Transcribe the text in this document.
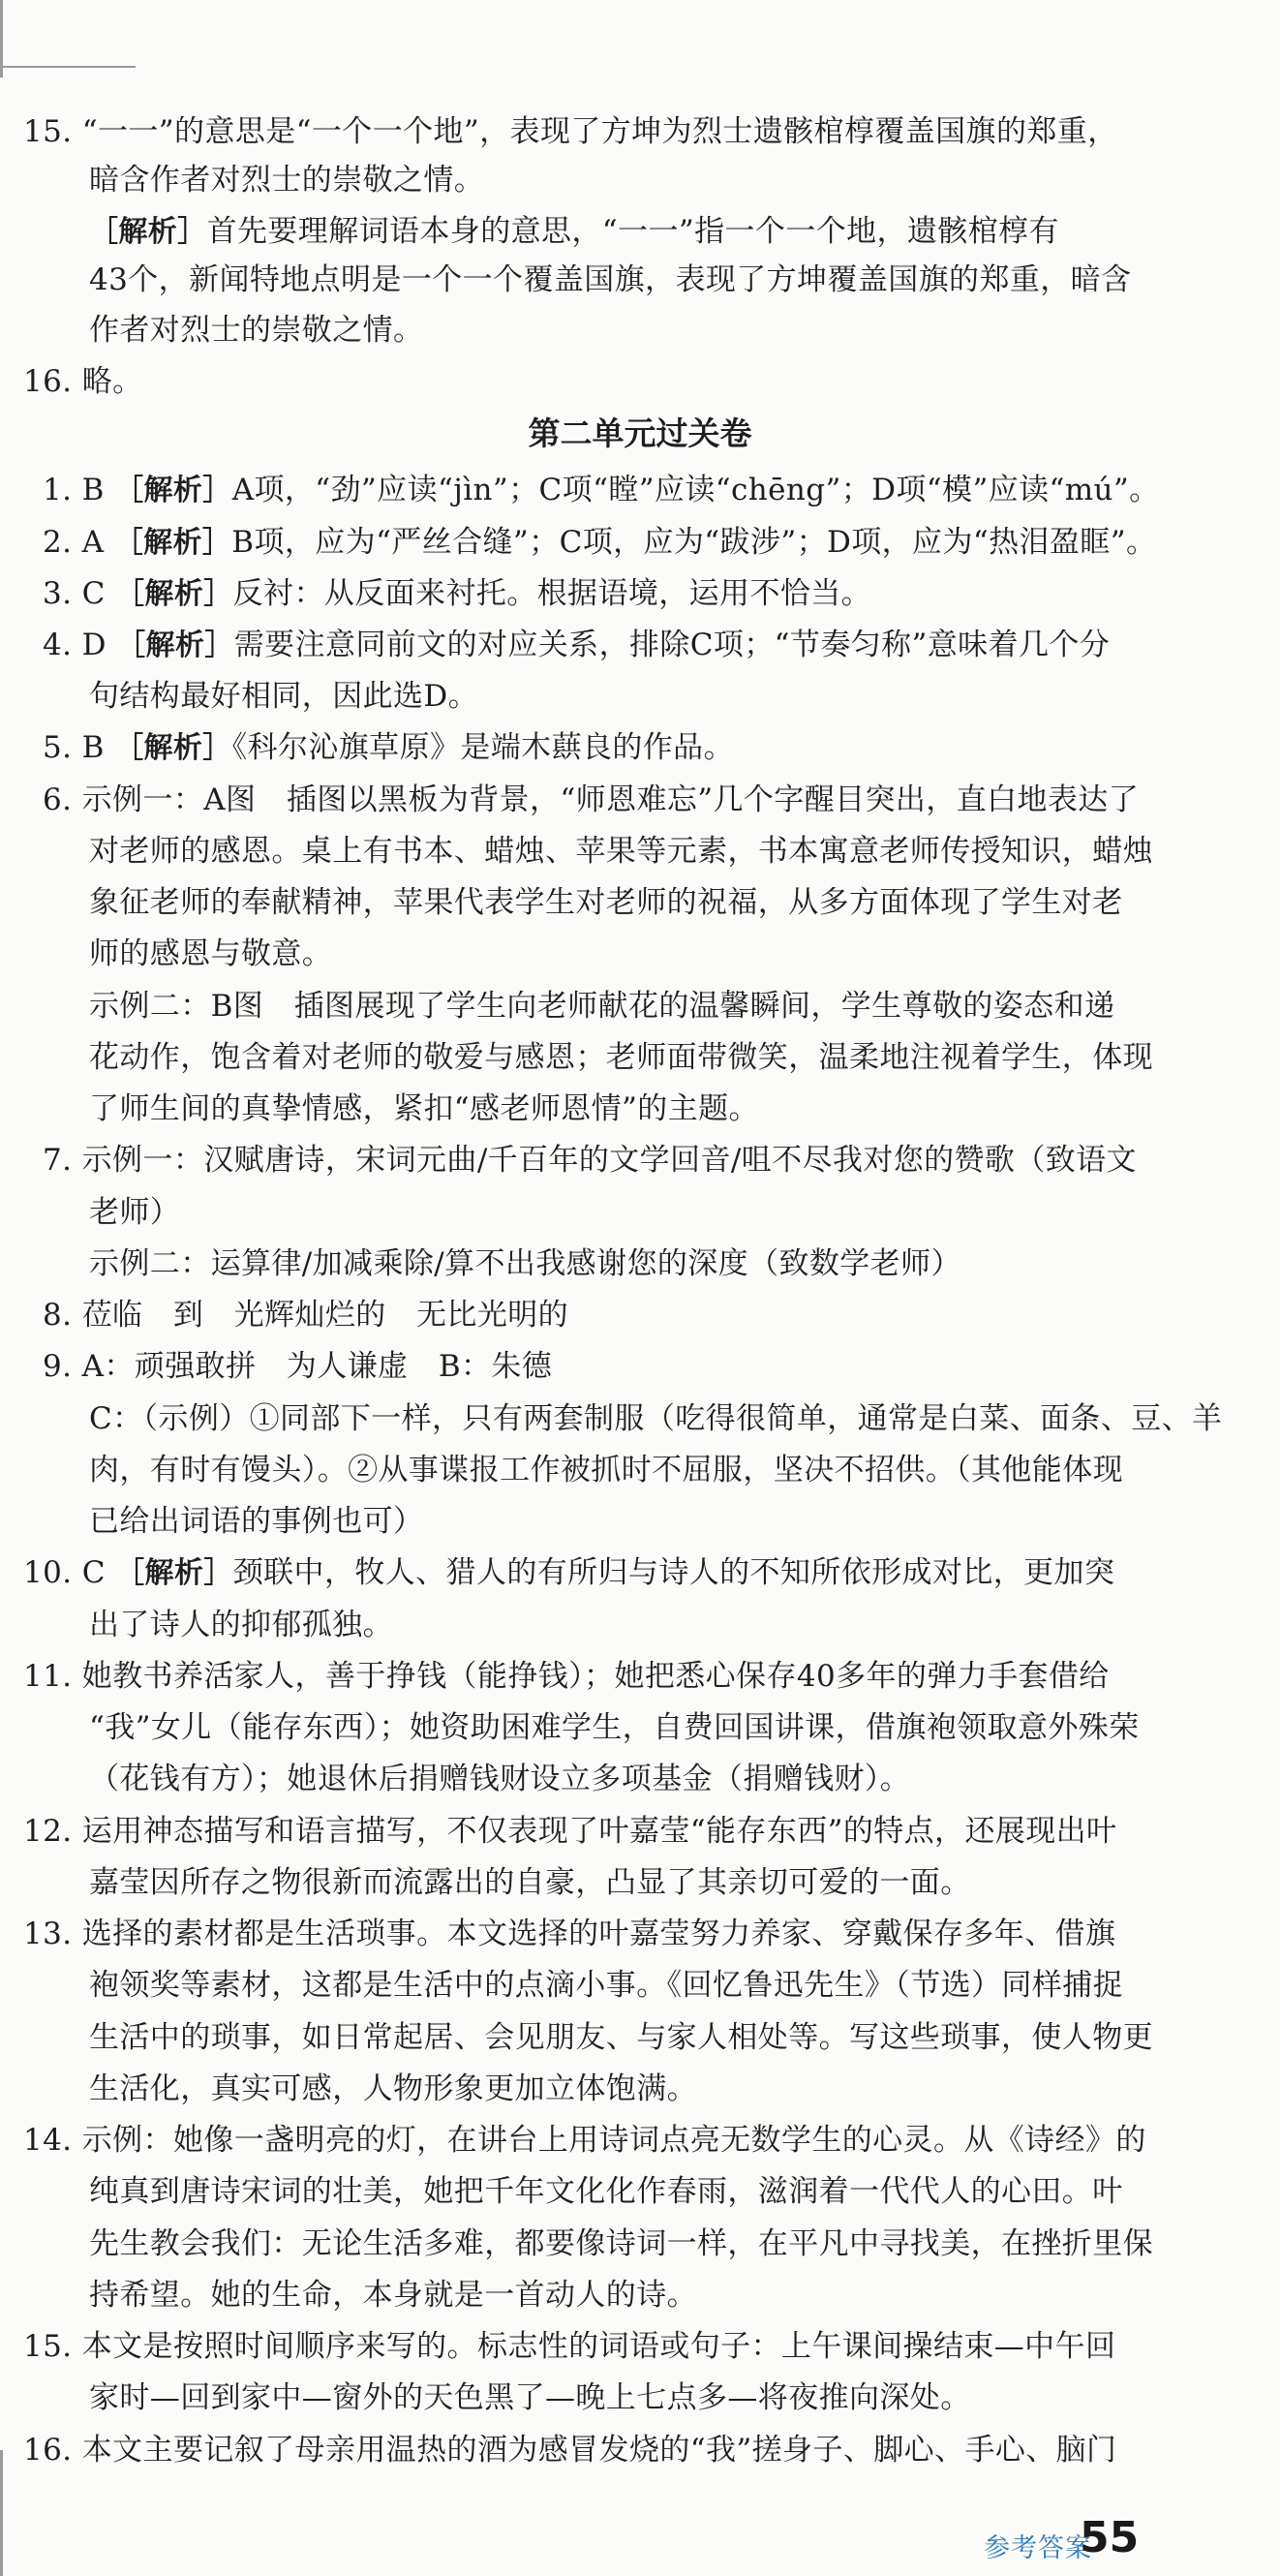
15. “一一”的意思是“一个一个地”，表现了方坤为烈士遗骸棺椁覆盖国旗的郑重，
暗含作者对烈士的崇敬之情。
［解析］首先要理解词语本身的意思，“一一”指一个一个地，遗骸棺椁有
43个，新闻特地点明是一个一个覆盖国旗，表现了方坤覆盖国旗的郑重，暗含
作者对烈士的崇敬之情。
16. 略。
第二单元过关卷
1. B ［解析］A项，“劲”应读“jìn”；C项“瞠”应读“chēng”；D项“模”应读“mú”。
2. A ［解析］B项，应为“严丝合缝”；C项，应为“跋涉”；D项，应为“热泪盈眶”。
3. C ［解析］反衬：从反面来衬托。根据语境，运用不恰当。
4. D ［解析］需要注意同前文的对应关系，排除C项；“节奏匀称”意味着几个分
句结构最好相同，因此选D。
5. B ［解析］《科尔沁旗草原》是端木蕻良的作品。
6. 示例一：A图　插图以黑板为背景，“师恩难忘”几个字醒目突出，直白地表达了
对老师的感恩。桌上有书本、蜡烛、苹果等元素，书本寓意老师传授知识，蜡烛
象征老师的奉献精神，苹果代表学生对老师的祝福，从多方面体现了学生对老
师的感恩与敬意。
示例二：B图　插图展现了学生向老师献花的温馨瞬间，学生尊敬的姿态和递
花动作，饱含着对老师的敬爱与感恩；老师面带微笑，温柔地注视着学生，体现
了师生间的真挚情感，紧扣“感老师恩情”的主题。
7. 示例一：汉赋唐诗，宋词元曲/千百年的文学回音/咀不尽我对您的赞歌（致语文
老师）
示例二：运算律/加减乘除/算不出我感谢您的深度（致数学老师）
8. 莅临　到　光辉灿烂的　无比光明的
9. A：顽强敢拼　为人谦虚　B：朱德
C：（示例）①同部下一样，只有两套制服（吃得很简单，通常是白菜、面条、豆、羊
肉，有时有馒头）。②从事谍报工作被抓时不屈服，坚决不招供。（其他能体现
已给出词语的事例也可）
10. C ［解析］颈联中，牧人、猎人的有所归与诗人的不知所依形成对比，更加突
出了诗人的抑郁孤独。
11. 她教书养活家人，善于挣钱（能挣钱）；她把悉心保存40多年的弹力手套借给
“我”女儿（能存东西）；她资助困难学生，自费回国讲课，借旗袍领取意外殊荣
（花钱有方）；她退休后捐赠钱财设立多项基金（捐赠钱财）。
12. 运用神态描写和语言描写，不仅表现了叶嘉莹“能存东西”的特点，还展现出叶
嘉莹因所存之物很新而流露出的自豪，凸显了其亲切可爱的一面。
13. 选择的素材都是生活琐事。本文选择的叶嘉莹努力养家、穿戴保存多年、借旗
袍领奖等素材，这都是生活中的点滴小事。《回忆鲁迅先生》（节选）同样捕捉
生活中的琐事，如日常起居、会见朋友、与家人相处等。写这些琐事，使人物更
生活化，真实可感，人物形象更加立体饱满。
14. 示例：她像一盏明亮的灯，在讲台上用诗词点亮无数学生的心灵。从《诗经》的
纯真到唐诗宋词的壮美，她把千年文化化作春雨，滋润着一代代人的心田。叶
先生教会我们：无论生活多难，都要像诗词一样，在平凡中寻找美，在挫折里保
持希望。她的生命，本身就是一首动人的诗。
15. 本文是按照时间顺序来写的。标志性的词语或句子：上午课间操结束—中午回
家时—回到家中—窗外的天色黑了—晚上七点多—将夜推向深处。
16. 本文主要记叙了母亲用温热的酒为感冒发烧的“我”搓身子、脚心、手心、脑门
参考答案
55
